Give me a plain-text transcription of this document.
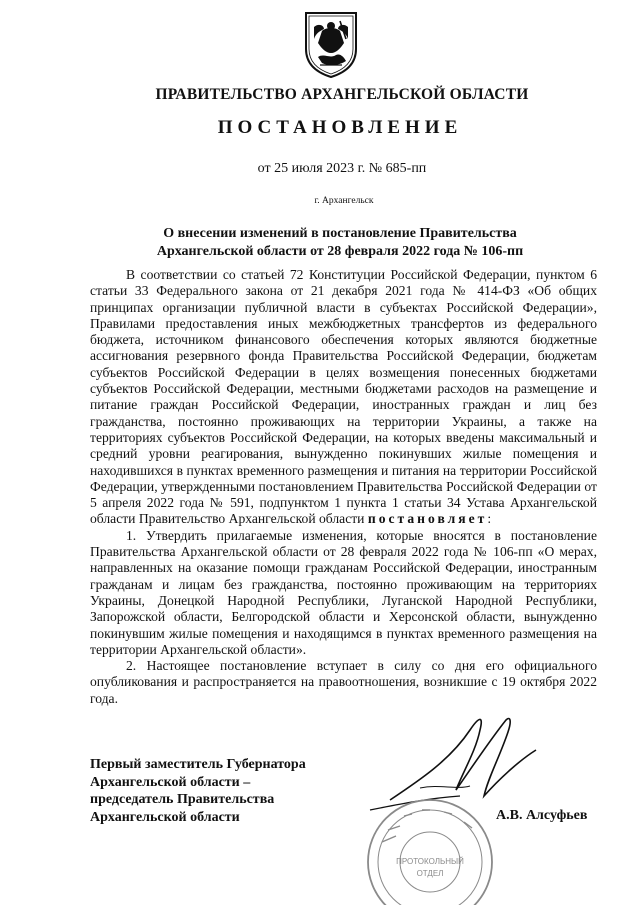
ПРАВИТЕЛЬСТВО АРХАНГЕЛЬСКОЙ ОБЛАСТИ
ПОСТАНОВЛЕНИЕ
от 25 июля 2023 г. № 685-пп
г. Архангельск
О внесении изменений в постановление Правительства
Архангельской области от 28 февраля 2022 года № 106-пп

В соответствии со статьей 72 Конституции Российской Федерации, пунктом 6 статьи 33 Федерального закона от 21 декабря 2021 года № 414-ФЗ «Об общих принципах организации публичной власти в субъектах Российской Федерации», Правилами предоставления иных межбюджетных трансфертов из федерального бюджета, источником финансового обеспечения которых являются бюджетные ассигнования резервного фонда Правительства Российской Федерации, бюджетам субъектов Российской Федерации в целях возмещения понесенных бюджетами субъектов Российской Федерации, местными бюджетами расходов на размещение и питание граждан Российской Федерации, иностранных граждан и лиц без гражданства, постоянно проживающих на территории Украины, а также на территориях субъектов Российской Федерации, на которых введены максимальный и средний уровни реагирования, вынужденно покинувших жилые помещения и находившихся в пунктах временного размещения и питания на территории Российской Федерации, утвержденными постановлением Правительства Российской Федерации от 5 апреля 2022 года № 591, подпунктом 1 пункта 1 статьи 34 Устава Архангельской области Правительство Архангельской области постановляет:

1. Утвердить прилагаемые изменения, которые вносятся в постановление Правительства Архангельской области от 28 февраля 2022 года № 106-пп «О мерах, направленных на оказание помощи гражданам Российской Федерации, иностранным гражданам и лицам без гражданства, постоянно проживающим на территориях Украины, Донецкой Народной Республики, Луганской Народной Республики, Запорожской области, Белгородской области и Херсонской области, вынужденно покинувшим жилые помещения и находящимся в пунктах временного размещения на территории Архангельской области».

2. Настоящее постановление вступает в силу со дня его официального опубликования и распространяется на правоотношения, возникшие с 19 октября 2022 года.

ПРОТОКОЛЬНЫЙ
ОТДЕЛ
Первый заместитель Губернатора
Архангельской области –
председатель Правительства
Архангельской области	А.В. Алсуфьев
